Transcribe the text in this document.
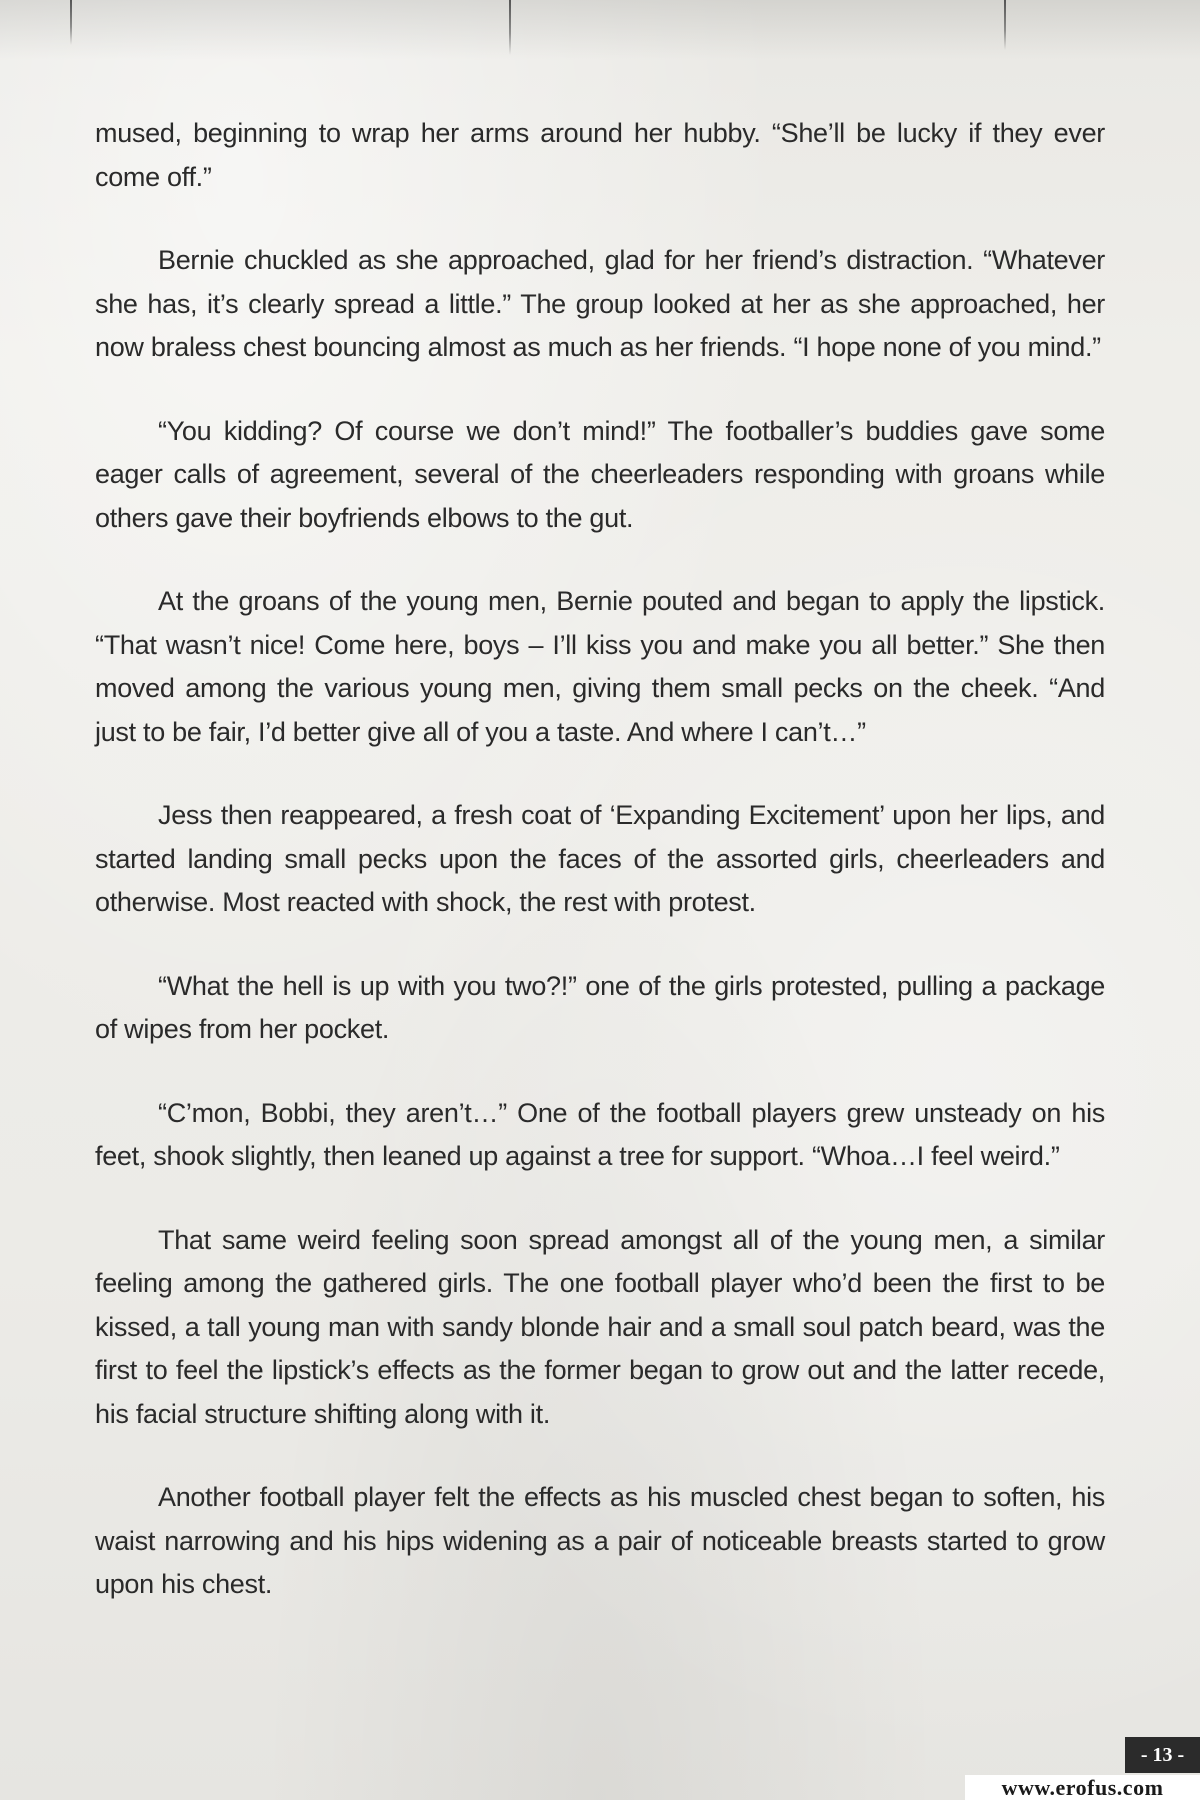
mused, beginning to wrap her arms around her hubby. “She’ll be lucky if they ever come off.”

Bernie chuckled as she approached, glad for her friend’s distraction. “Whatever she has, it’s clearly spread a little.” The group looked at her as she approached, her now braless chest bouncing almost as much as her friends. “I hope none of you mind.”

“You kidding? Of course we don’t mind!” The footballer’s buddies gave some eager calls of agreement, several of the cheerleaders responding with groans while others gave their boyfriends elbows to the gut.

At the groans of the young men, Bernie pouted and began to apply the lipstick. “That wasn’t nice! Come here, boys – I’ll kiss you and make you all better.” She then moved among the various young men, giving them small pecks on the cheek. “And just to be fair, I’d better give all of you a taste. And where I can’t…”

Jess then reappeared, a fresh coat of ‘Expanding Excitement’ upon her lips, and started landing small pecks upon the faces of the assorted girls, cheerleaders and otherwise. Most reacted with shock, the rest with protest.

“What the hell is up with you two?!” one of the girls protested, pulling a package of wipes from her pocket.

“C’mon, Bobbi, they aren’t…” One of the football players grew unsteady on his feet, shook slightly, then leaned up against a tree for support. “Whoa…I feel weird.”

That same weird feeling soon spread amongst all of the young men, a similar feeling among the gathered girls. The one football player who’d been the first to be kissed, a tall young man with sandy blonde hair and a small soul patch beard, was the first to feel the lipstick’s effects as the former began to grow out and the latter recede, his facial structure shifting along with it.

Another football player felt the effects as his muscled chest began to soften, his waist narrowing and his hips widening as a pair of noticeable breasts started to grow upon his chest.

- 13 -
www.erofus.com
